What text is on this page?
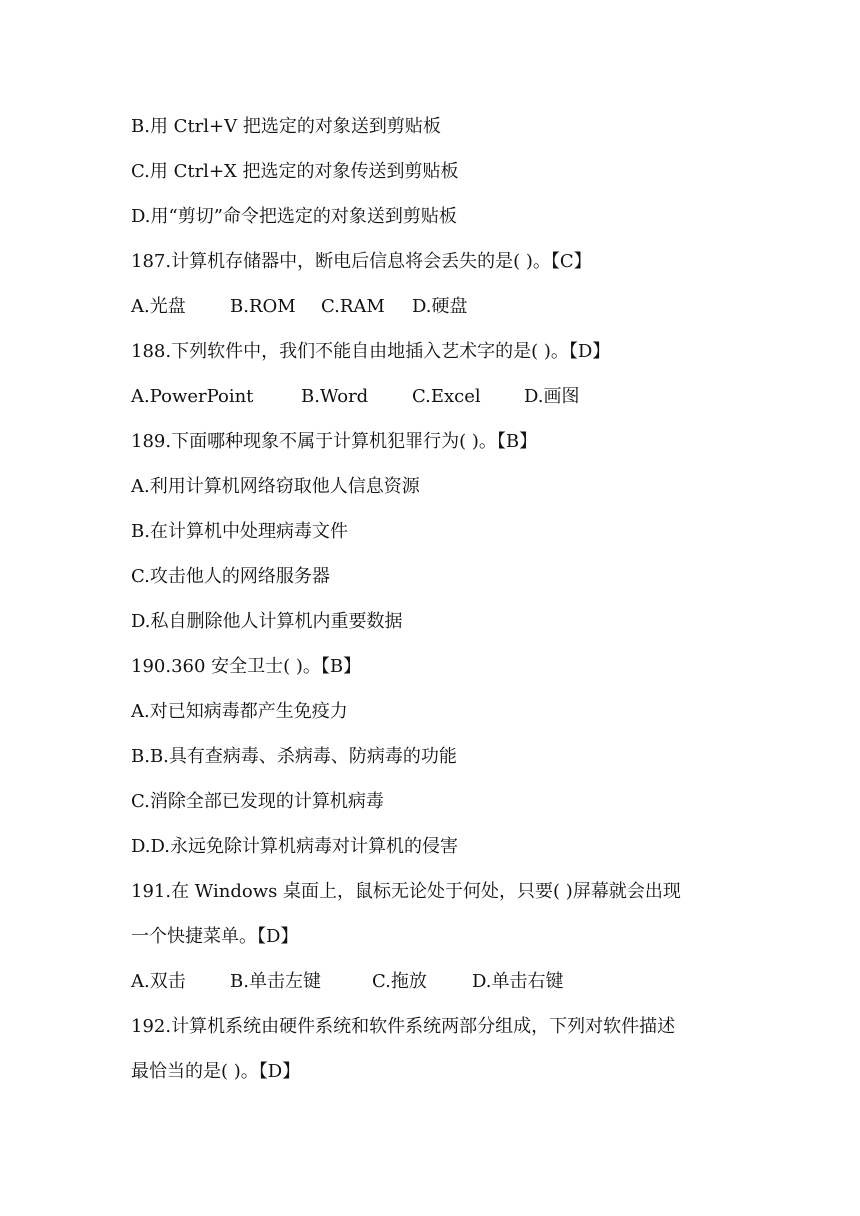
B.用 Ctrl+V 把选定的对象送到剪贴板
C.用 Ctrl+X 把选定的对象传送到剪贴板
D.用“剪切”命令把选定的对象送到剪贴板
187.计算机存储器中，断电后信息将会丢失的是( )。【C】
A.光盘 B.ROM C.RAM D.硬盘
188.下列软件中，我们不能自由地插入艺术字的是( )。【D】
A.PowerPoint	B.Word C.Excel D.画图
189.下面哪种现象不属于计算机犯罪行为( )。【B】
A.利用计算机网络窃取他人信息资源
B.在计算机中处理病毒文件
C.攻击他人的网络服务器
D.私自删除他人计算机内重要数据
190.360 安全卫士( )。【B】
A.对已知病毒都产生免疫力
B.B.具有查病毒、杀病毒、防病毒的功能
C.消除全部已发现的计算机病毒
D.D.永远免除计算机病毒对计算机的侵害
191.在 Windows 桌面上，鼠标无论处于何处，只要( )屏幕就会出现
一个快捷菜单。【D】
A.双击 B.单击左键	C.拖放	D.单击右键
192.计算机系统由硬件系统和软件系统两部分组成，下列对软件描述
最恰当的是( )。【D】
